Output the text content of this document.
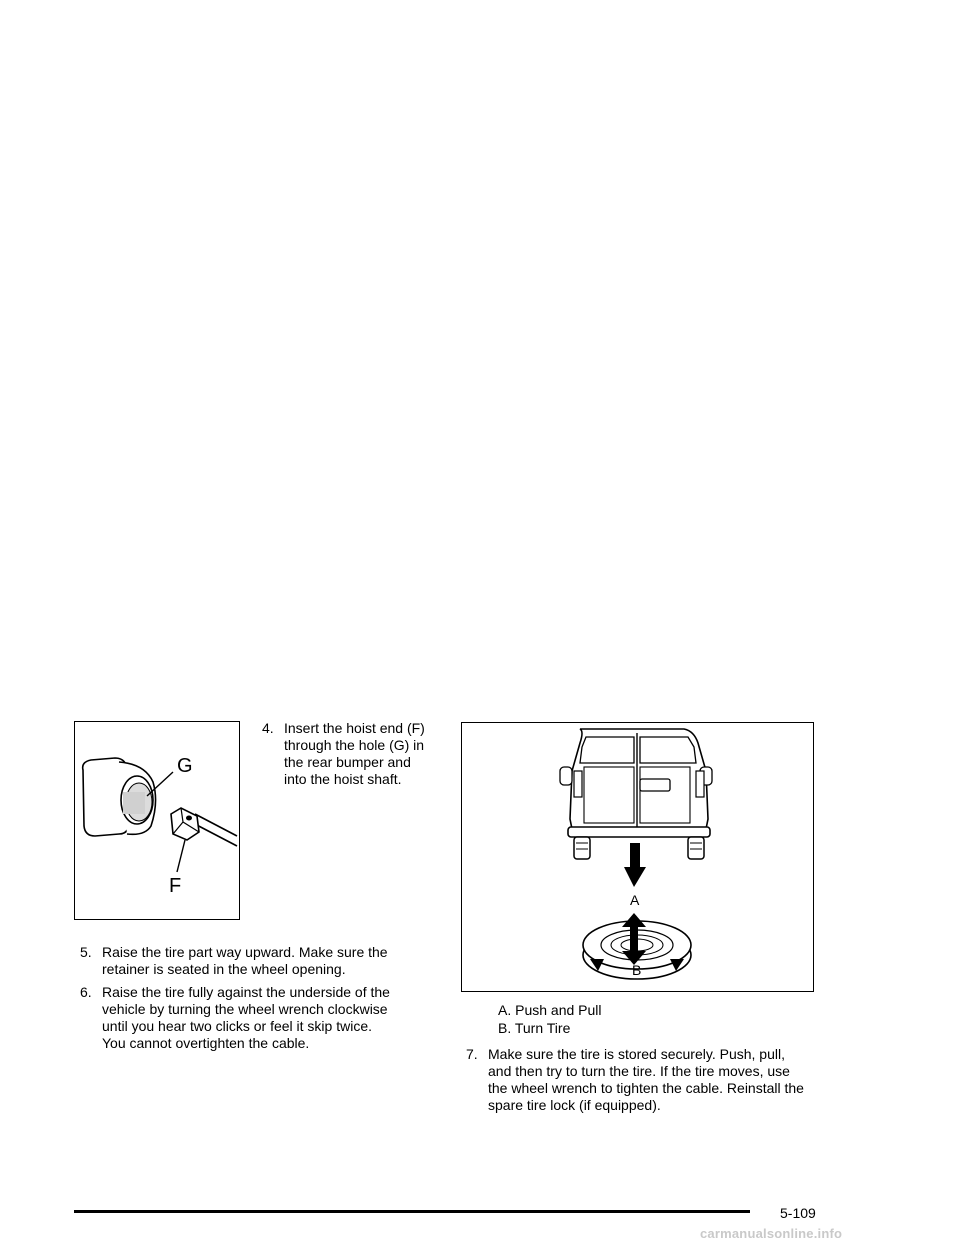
G
F
4. Insert the hoist end (F)
through the hole (G) in
the rear bumper and
into the hoist shaft.
5. Raise the tire part way upward. Make sure the
retainer is seated in the wheel opening.
6. Raise the tire fully against the underside of the
vehicle by turning the wheel wrench clockwise
until you hear two clicks or feel it skip twice.
You cannot overtighten the cable.
A
B
A. Push and Pull
B. Turn Tire
7. Make sure the tire is stored securely. Push, pull,
and then try to turn the tire. If the tire moves, use
the wheel wrench to tighten the cable. Reinstall the
spare tire lock (if equipped).
5-109
carmanualsonline.info
